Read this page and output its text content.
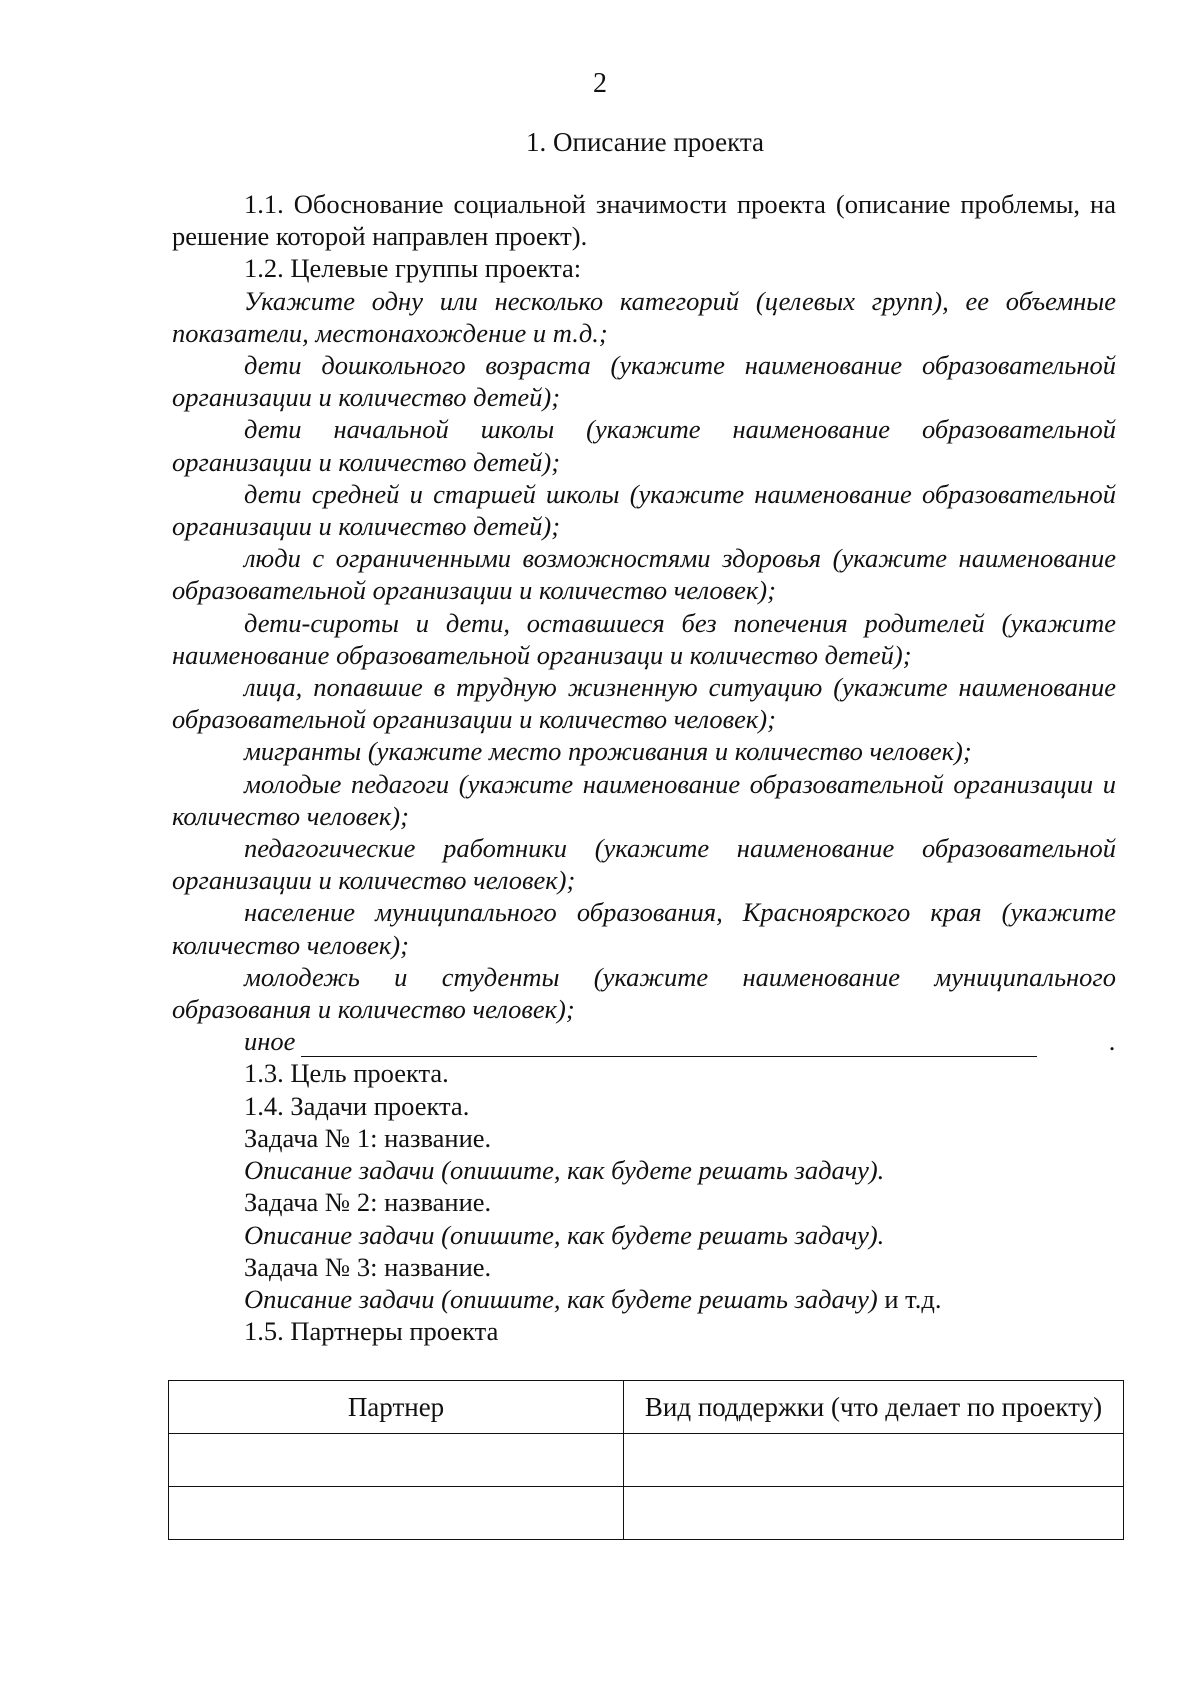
2
1. Описание проекта

1.1. Обоснование социальной значимости проекта (описание проблемы, на решение которой направлен проект).

1.2. Целевые группы проекта:

Укажите одну или несколько категорий (целевых групп), ее объемные показатели, местонахождение и т.д.;

дети дошкольного возраста (укажите наименование образовательной организации и количество детей);

дети начальной школы (укажите наименование образовательной организации и количество детей);

дети средней и старшей школы (укажите наименование образовательной организации и количество детей);

люди с ограниченными возможностями здоровья (укажите наименование образовательной организации и количество человек);

дети-сироты и дети, оставшиеся без попечения родителей (укажите наименование образовательной организаци и количество детей);

лица, попавшие в трудную жизненную ситуацию (укажите наименование образовательной организации и количество человек);

мигранты (укажите место проживания и количество человек);

молодые педагоги (укажите наименование образовательной организации и количество человек);

педагогические работники (укажите наименование образовательной организации и количество человек);

население муниципального образования, Красноярского края (укажите количество человек);

молодежь и студенты (укажите наименование муниципального образования и количество человек);

иное	.

1.3. Цель проекта.

1.4. Задачи проекта.

Задача № 1: название.

Описание задачи (опишите, как будете решать задачу).

Задача № 2: название.

Описание задачи (опишите, как будете решать задачу).

Задача № 3: название.

Описание задачи (опишите, как будете решать задачу) и т.д.

1.5. Партнеры проекта

Партнер	Вид поддержки (что делает по проекту)
